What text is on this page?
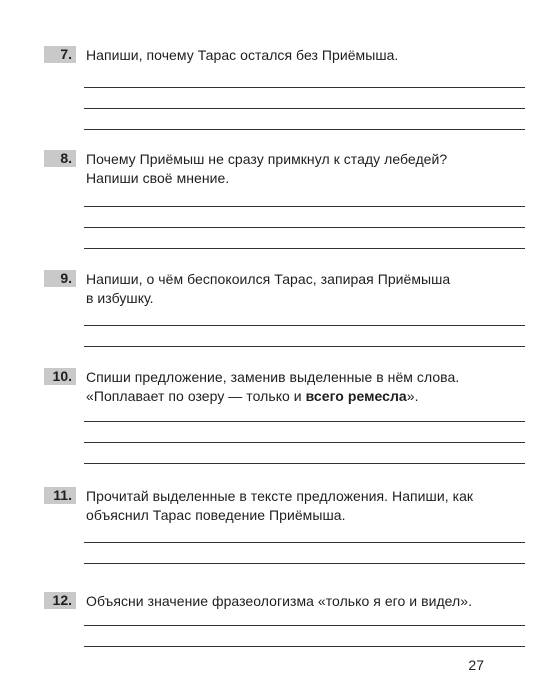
7. Напиши, почему Тарас остался без Приёмыша.
8. Почему Приёмыш не сразу примкнул к стаду лебедей?
Напиши своё мнение.
9. Напиши, о чём беспокоился Тарас, запирая Приёмыша
в избушку.
10. Спиши предложение, заменив выделенные в нём слова.
«Поплавает по озеру — только и всего ремесла».
11. Прочитай выделенные в тексте предложения. Напиши, как
объяснил Тарас поведение Приёмыша.
12. Объясни значение фразеологизма «только я его и видел».
27
